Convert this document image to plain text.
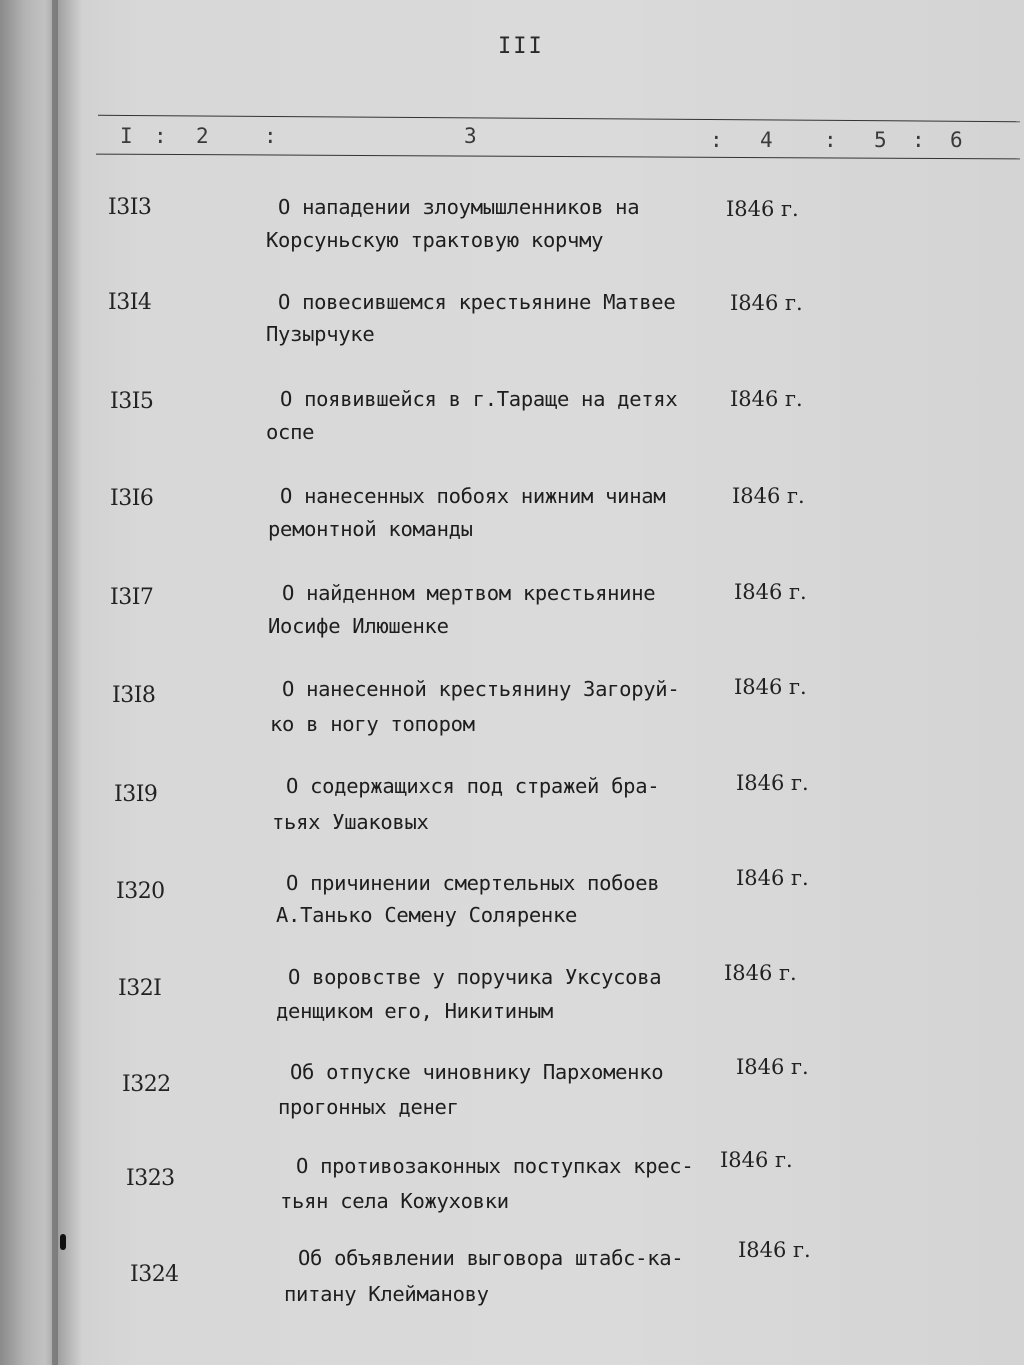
III
I : 2	:	3	: 4 : 5 : 6
I3I3	О нападении злоумышленников на
Корсуньскую трактовую корчму
I846 г.
I3I4	О повесившемся крестьянине Матвее
Пузырчуке
I846 г.
I3I5	О появившейся в г.Тараще на детях
оспе
I846 г.
I3I6	О нанесенных побоях нижним чинам
ремонтной команды
I846 г.
I3I7	О найденном мертвом крестьянине
Иосифе Илюшенке
I846 г.
I3I8	О нанесенной крестьянину Загоруй-
ко в ногу топором
I846 г.
I3I9	О содержащихся под стражей бра-
тьях Ушаковых
I846 г.
I320	О причинении смертельных побоев
А.Танько Семену Соляренке
I846 г.
I32I	О воровстве у поручика Уксусова
денщиком его, Никитиным
I846 г.
I322	Об отпуске чиновнику Пархоменко
прогонных денег
I846 г.
I323	О противозаконных поступках крес-
тьян села Кожуховки
I846 г.
I324
Об объявлении выговора штабс-ка-
питану Клейманову
I846 г.
